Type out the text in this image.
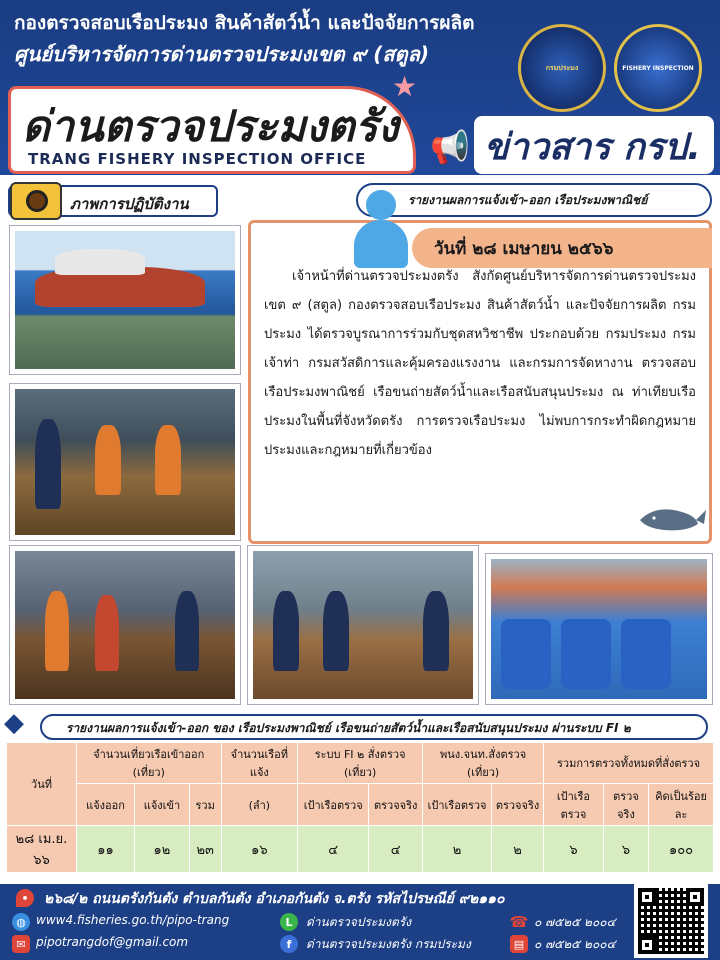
กองตรวจสอบเรือประมง สินค้าสัตว์น้ำ และปัจจัยการผลิต
ศูนย์บริหารจัดการด่านตรวจประมงเขต ๙ (สตูล)
กรมประมง	FISHERY INSPECTION
★
ด่านตรวจประมงตรัง
TRANG FISHERY INSPECTION OFFICE 📢 ข่าวสาร กรป.
ภาพการปฏิบัติงาน	รายงานผลการแจ้งเข้า-ออก เรือประมงพาณิชย์
วันที่ ๒๘ เมษายน ๒๕๖๖
เจ้าหน้าที่ด่านตรวจประมงตรัง สังกัดศูนย์บริหารจัดการด่านตรวจประมง เขต ๙ (สตูล) กองตรวจสอบเรือประมง สินค้าสัตว์น้ำ และปัจจัยการผลิต กรมประมง ได้ตรวจบูรณาการร่วมกับชุดสหวิชาชีพ ประกอบด้วย กรมประมง กรมเจ้าท่า กรมสวัสดิการและคุ้มครองแรงงาน และกรมการจัดหางาน ตรวจสอบเรือประมงพาณิชย์ เรือขนถ่ายสัตว์น้ำและเรือสนับสนุนประมง ณ ท่าเทียบเรือประมงในพื้นที่จังหวัดตรัง การตรวจเรือประมง ไม่พบการกระทำผิดกฎหมายประมงและกฎหมายที่เกี่ยวข้อง
◆	รายงานผลการแจ้งเข้า-ออก ของ เรือประมงพาณิชย์ เรือขนถ่ายสัตว์น้ำและเรือสนับสนุนประมง ผ่านระบบ FI ๒
วันที่	จำนวนเที่ยวเรือเข้าออก (เที่ยว)			จำนวนเรือที่แจ้ง	ระบบ FI ๒ สั่งตรวจ (เที่ยว)		พนง.จนท.สั่งตรวจ (เที่ยว)		รวมการตรวจทั้งหมดที่สั่งตรวจ		
	แจ้งออก	แจ้งเข้า	รวม	(ลำ)	เป้าเรือตรวจ	ตรวจจริง	เป้าเรือตรวจ	ตรวจจริง	เป้าเรือตรวจ	ตรวจจริง	คิดเป็นร้อยละ
๒๘ เม.ย. ๖๖	๑๑	๑๒	๒๓	๑๖	๔	๔	๒	๒	๖	๖	๑๐๐
•	๒๖๘/๒ ถนนตรังกันตัง ตำบลกันตัง อำเภอกันตัง จ.ตรัง รหัสไปรษณีย์ ๙๒๑๑๐
◍ www4.fisheries.go.th/pipo-trang
✉ pipotrangdof@gmail.com
L	ด่านตรวจประมงตรัง
f	ด่านตรวจประมงตรัง กรมประมง
☎ ๐ ๗๕๒๕ ๒๐๐๔
▤ ๐ ๗๕๒๕ ๒๐๐๔
